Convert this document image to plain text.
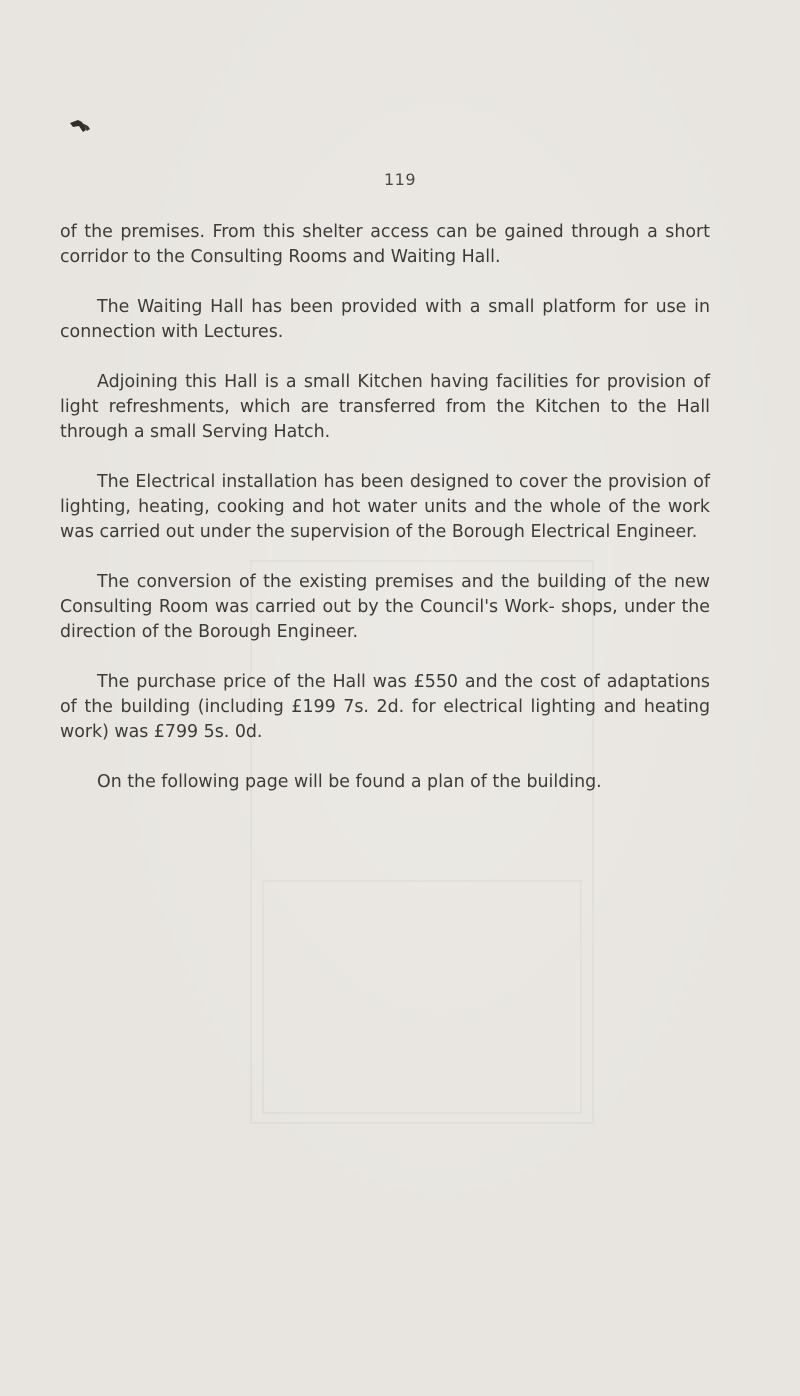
119

of the premises. From this shelter access can be gained through a short corridor to the Consulting Rooms and Waiting Hall.

The Waiting Hall has been provided with a small platform for use in connection with Lectures.

Adjoining this Hall is a small Kitchen having facilities for provision of light refreshments, which are transferred from the Kitchen to the Hall through a small Serving Hatch.

The Electrical installation has been designed to cover the provision of lighting, heating, cooking and hot water units and the whole of the work was carried out under the supervision of the Borough Electrical Engineer.

The conversion of the existing premises and the building of the new Consulting Room was carried out by the Council's Work- shops, under the direction of the Borough Engineer.

The purchase price of the Hall was £550 and the cost of adaptations of the building (including £199 7s. 2d. for electrical lighting and heating work) was £799 5s. 0d.

On the following page will be found a plan of the building.
